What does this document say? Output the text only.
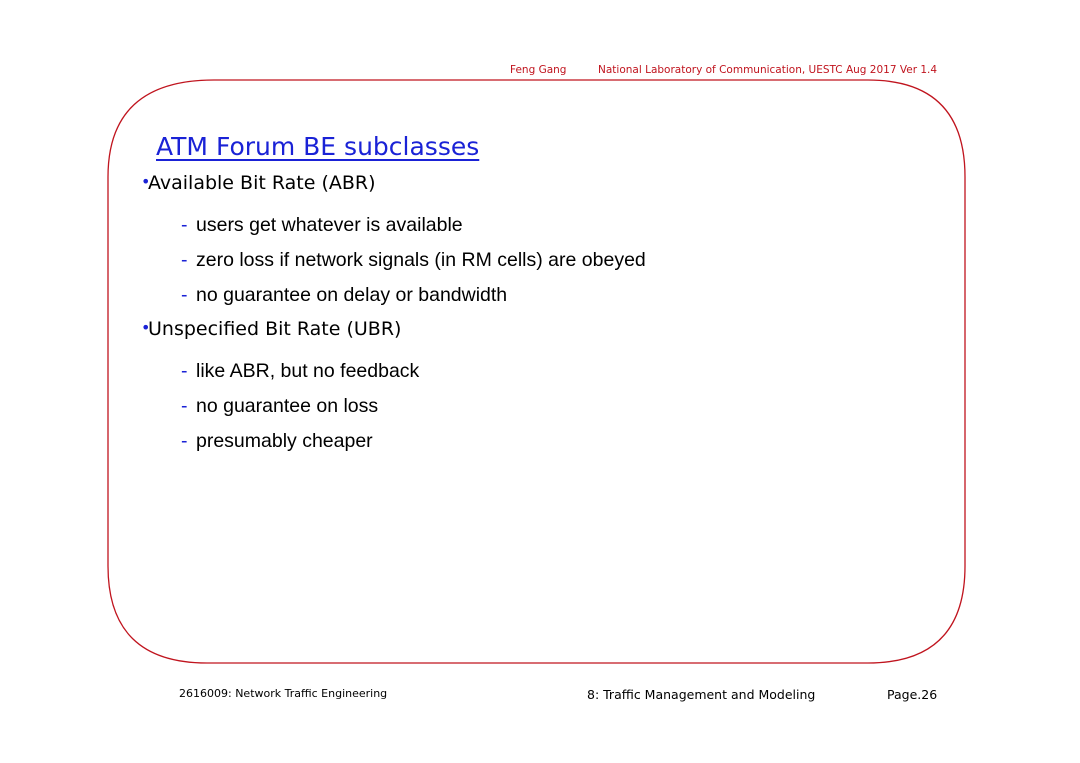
Feng Gang	National Laboratory of Communication, UESTC Aug 2017 Ver 1.4
ATM Forum BE subclasses
•
Available Bit Rate (ABR)
- users get whatever is available
- zero loss if network signals (in RM cells) are obeyed
- no guarantee on delay or bandwidth
•
Unspecified Bit Rate (UBR)
- like ABR, but no feedback
- no guarantee on loss
- presumably cheaper
2616009: Network Traffic Engineering	8: Traffic Management and Modeling	Page.26
